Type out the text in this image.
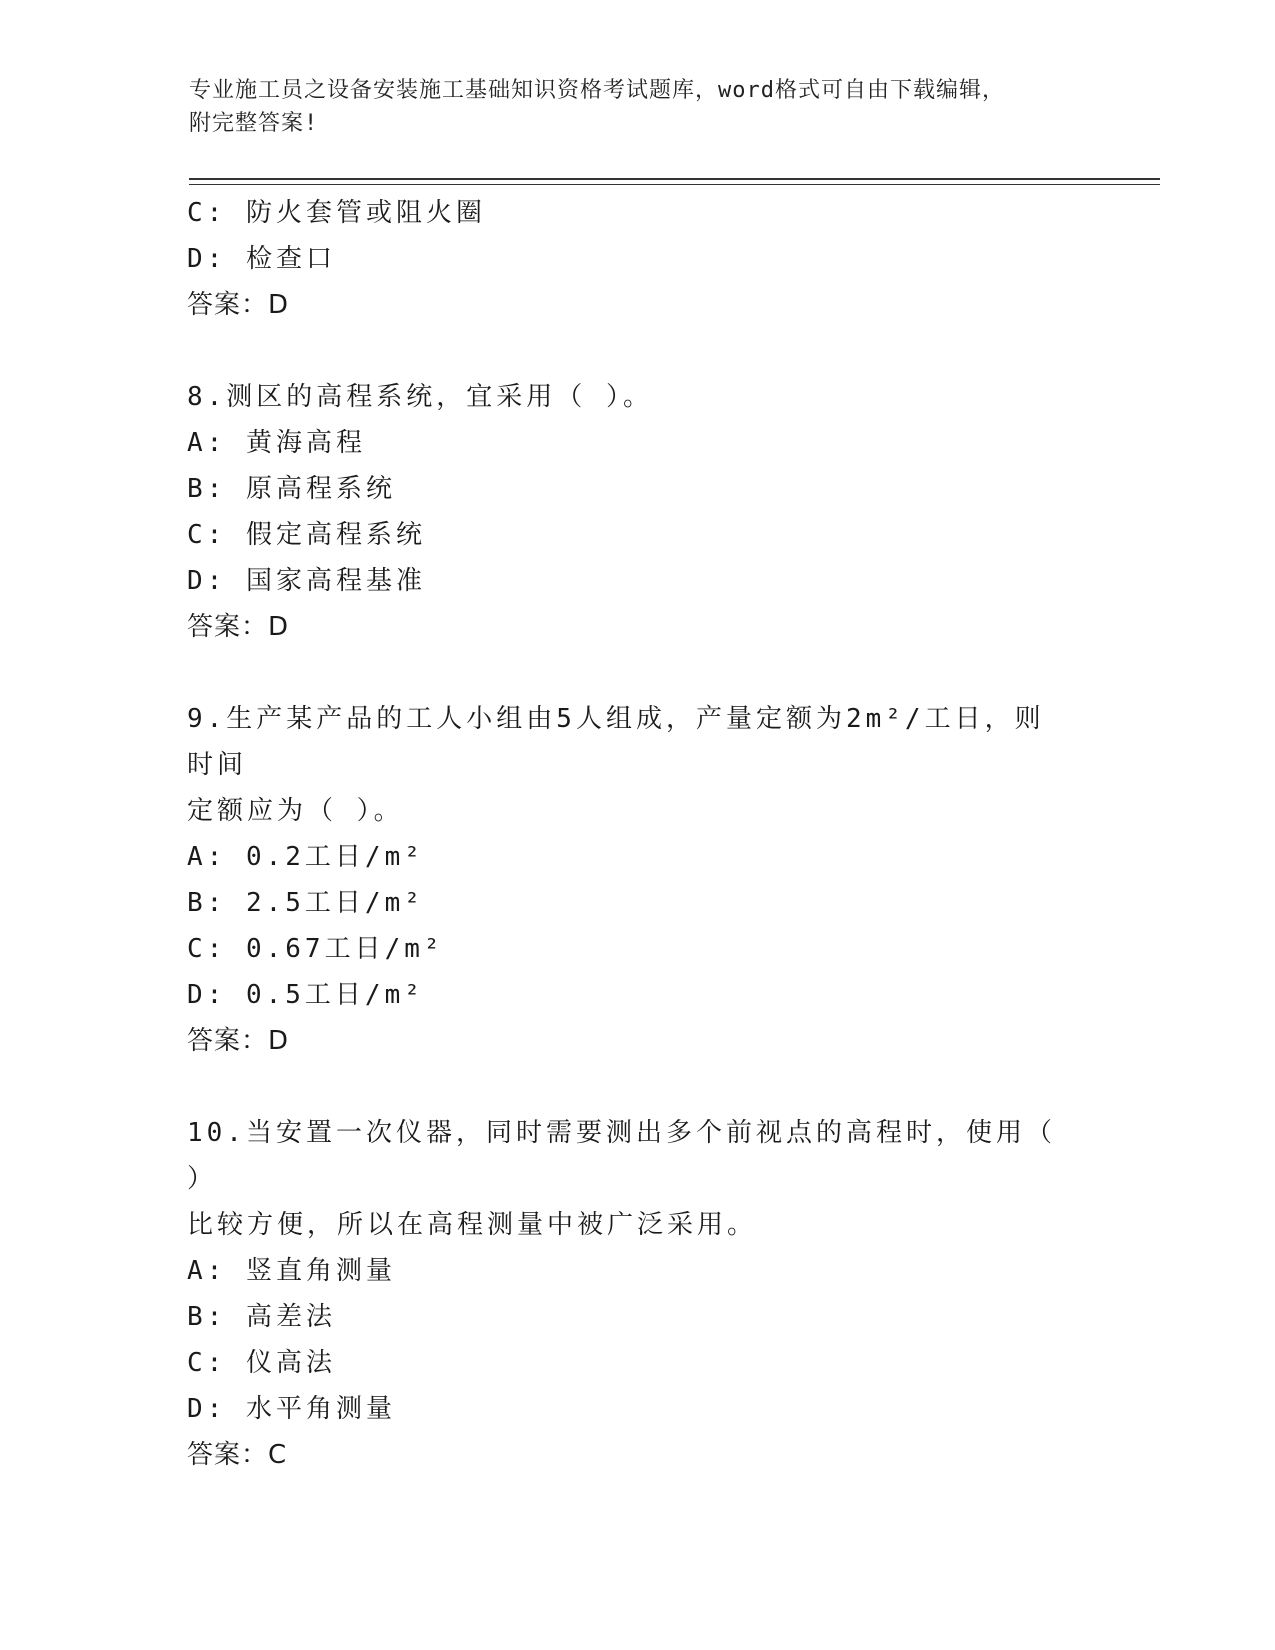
专业施工员之设备安装施工基础知识资格考试题库，word格式可自由下载编辑，
附完整答案!
C: 防火套管或阻火圈
D: 检查口
答案：D
8.测区的高程系统，宜采用（ ）。
A: 黄海高程
B: 原高程系统
C: 假定高程系统
D: 国家高程基准
答案：D
9.生产某产品的工人小组由5人组成，产量定额为2m²/工日，则时间
定额应为（ ）。
A: 0.2工日/m²
B: 2.5工日/m²
C: 0.67工日/m²
D: 0.5工日/m²
答案：D
10.当安置一次仪器，同时需要测出多个前视点的高程时，使用（ ）
比较方便，所以在高程测量中被广泛采用。
A: 竖直角测量
B: 高差法
C: 仪高法
D: 水平角测量
答案：C
